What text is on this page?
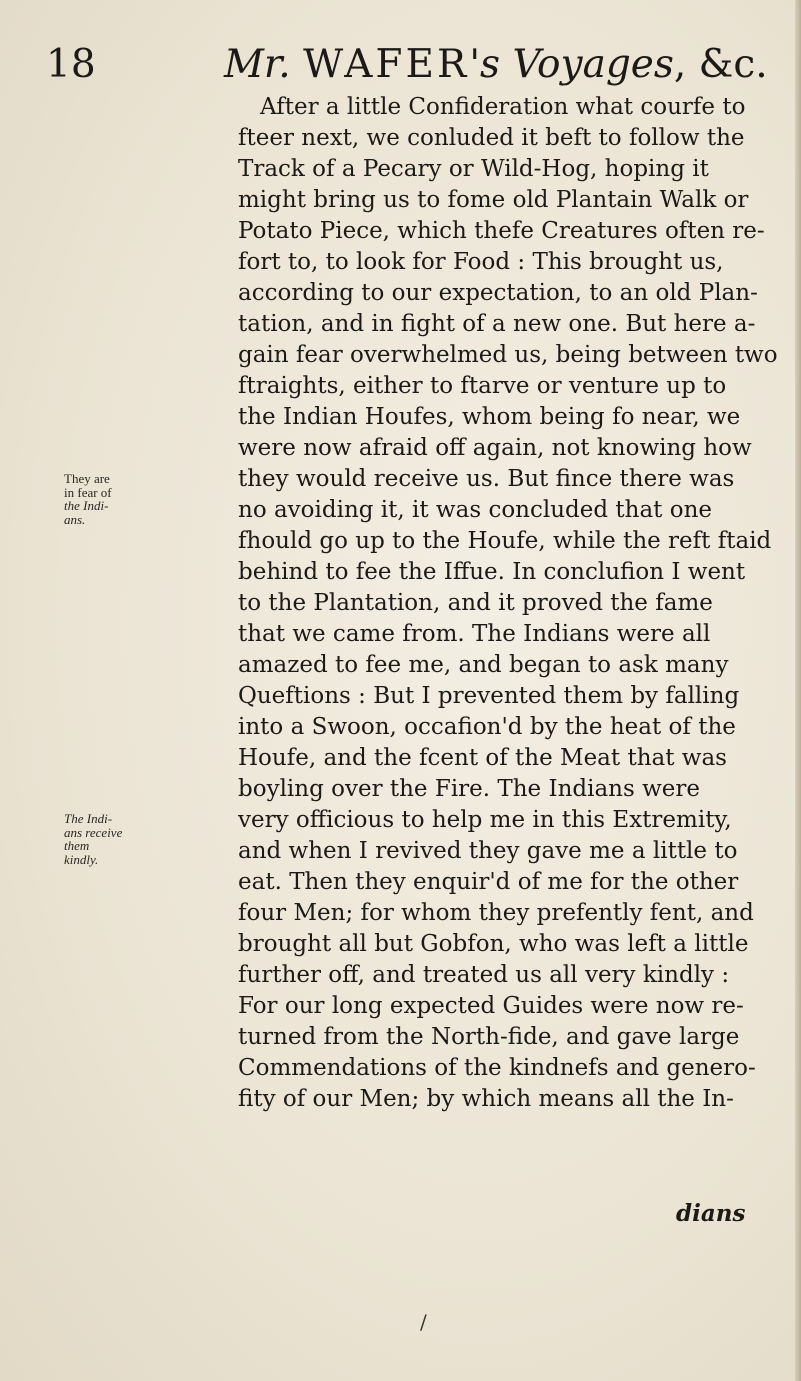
18	Mr. WAFER's Voyages, &c.
After a little Confideration what courfe to
fteer next, we conluded it beft to follow the
Track of a Pecary or Wild-Hog, hoping it
might bring us to fome old Plantain Walk or
Potato Piece, which thefe Creatures often re-
fort to, to look for Food : This brought us,
according to our expectation, to an old Plan-
tation, and in fight of a new one. But here a-
gain fear overwhelmed us, being between two
ftraights, either to ftarve or venture up to
the Indian Houfes, whom being fo near, we
were now afraid off again, not knowing how
they would receive us. But fince there was
no avoiding it, it was concluded that one
fhould go up to the Houfe, while the reft ftaid
behind to fee the Iffue. In conclufion I went
to the Plantation, and it proved the fame
that we came from. The Indians were all
amazed to fee me, and began to ask many
Queftions : But I prevented them by falling
into a Swoon, occafion'd by the heat of the
Houfe, and the fcent of the Meat that was
boyling over the Fire. The Indians were
very officious to help me in this Extremity,
and when I revived they gave me a little to
eat. Then they enquir'd of me for the other
four Men; for whom they prefently fent, and
brought all but Gobfon, who was left a little
further off, and treated us all very kindly :
For our long expected Guides were now re-
turned from the North-fide, and gave large
Commendations of the kindnefs and genero-
fity of our Men; by which means all the In-
They are
in fear of
the Indi-
ans.
The Indi-
ans receive
them
kindly.
dians
/
